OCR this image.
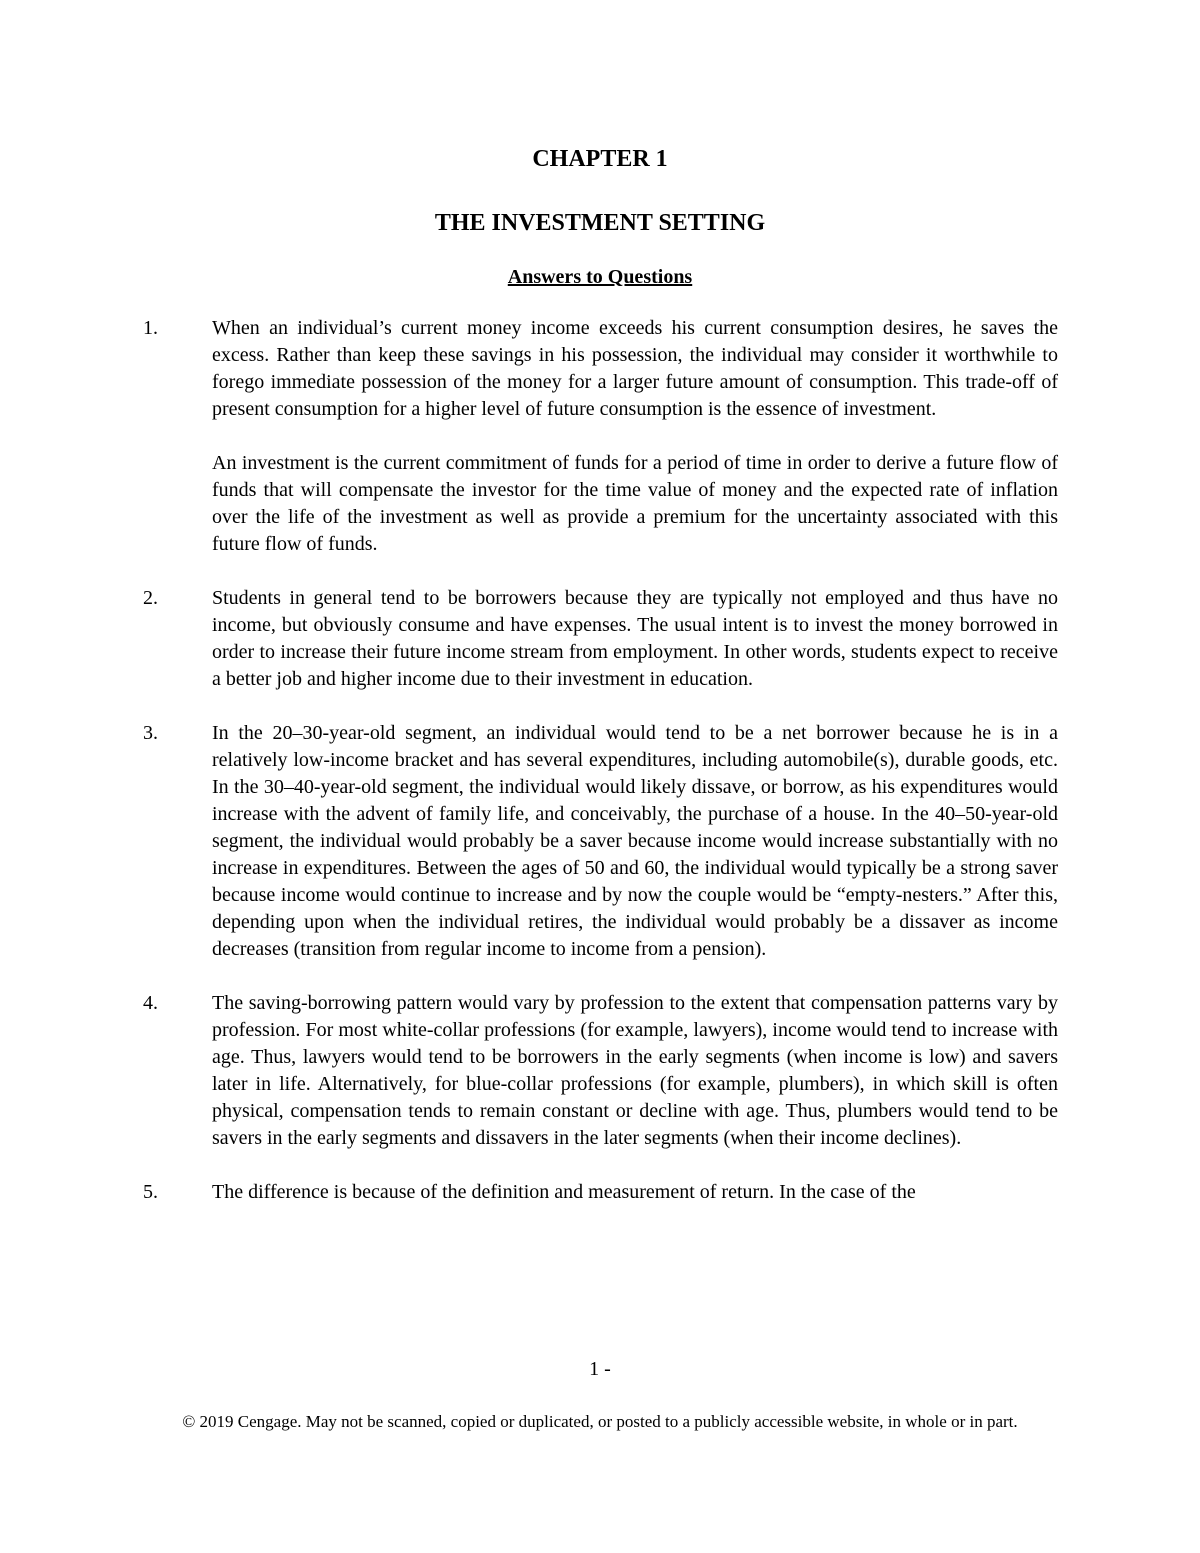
CHAPTER 1
THE INVESTMENT SETTING
Answers to Questions
1.	When an individual’s current money income exceeds his current consumption desires, he saves the excess. Rather than keep these savings in his possession, the individual may consider it worthwhile to forego immediate possession of the money for a larger future amount of consumption. This trade-off of present consumption for a higher level of future consumption is the essence of investment.
An investment is the current commitment of funds for a period of time in order to derive a future flow of funds that will compensate the investor for the time value of money and the expected rate of inflation over the life of the investment as well as provide a premium for the uncertainty associated with this future flow of funds.
2.	Students in general tend to be borrowers because they are typically not employed and thus have no income, but obviously consume and have expenses. The usual intent is to invest the money borrowed in order to increase their future income stream from employment. In other words, students expect to receive a better job and higher income due to their investment in education.
3.	In the 20–30-year-old segment, an individual would tend to be a net borrower because he is in a relatively low-income bracket and has several expenditures, including automobile(s), durable goods, etc. In the 30–40-year-old segment, the individual would likely dissave, or borrow, as his expenditures would increase with the advent of family life, and conceivably, the purchase of a house. In the 40–50-year-old segment, the individual would probably be a saver because income would increase substantially with no increase in expenditures. Between the ages of 50 and 60, the individual would typically be a strong saver because income would continue to increase and by now the couple would be “empty-nesters.” After this, depending upon when the individual retires, the individual would probably be a dissaver as income decreases (transition from regular income to income from a pension).
4.	The saving-borrowing pattern would vary by profession to the extent that compensation patterns vary by profession. For most white-collar professions (for example, lawyers), income would tend to increase with age. Thus, lawyers would tend to be borrowers in the early segments (when income is low) and savers later in life. Alternatively, for blue-collar professions (for example, plumbers), in which skill is often physical, compensation tends to remain constant or decline with age. Thus, plumbers would tend to be savers in the early segments and dissavers in the later segments (when their income declines).
5.	The difference is because of the definition and measurement of return. In the case of the
1 -
© 2019 Cengage. May not be scanned, copied or duplicated, or posted to a publicly accessible website, in whole or in part.
